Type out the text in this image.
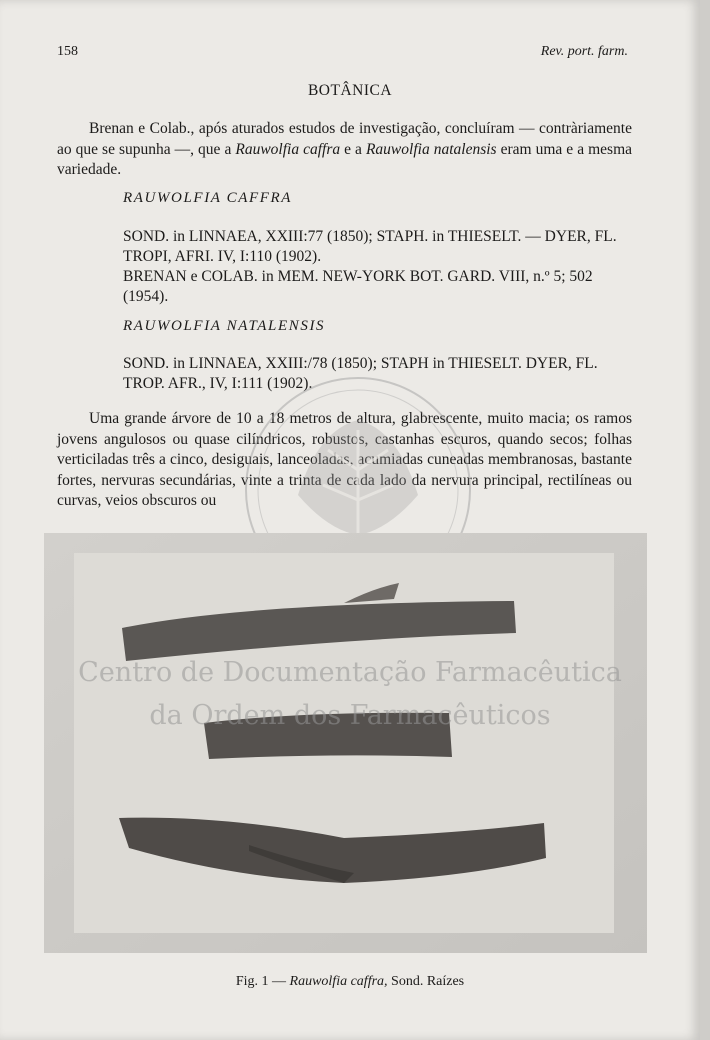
158	Rev. port. farm.
BOTÂNICA

Brenan e Colab., após aturados estudos de investigação, concluíram — contràriamente ao que se supunha —, que a Rauwolfia caffra e a Rauwolfia natalensis eram uma e a mesma variedade.

RAUWOLFIA CAFFRA
SOND. in LINNAEA, XXIII:77 (1850); STAPH. in THIESELT. — DYER, FL. TROPI, AFRI. IV, I:110 (1902).
BRENAN e COLAB. in MEM. NEW-YORK BOT. GARD. VIII, n.º 5; 502 (1954).
RAUWOLFIA NATALENSIS
SOND. in LINNAEA, XXIII:/78 (1850); STAPH in THIESELT. DYER, FL. TROP. AFR., IV, I:111 (1902).

Uma grande árvore de 10 a 18 metros de altura, glabrescente, muito macia; os ramos jovens angulosos ou quase cilíndricos, robustos, castanhas escuros, quando secos; folhas verticiladas três a cinco, desiguais, lanceoladas, acumiadas cuneadas membranosas, bastante fortes, nervuras secundárias, vinte a trinta de cada lado da nervura principal, rectilíneas ou curvas, veios obscuros ou

Centro de Documentação Farmacêutica
da Ordem dos Farmacêuticos
Fig. 1 — Rauwolfia caffra, Sond. Raízes
